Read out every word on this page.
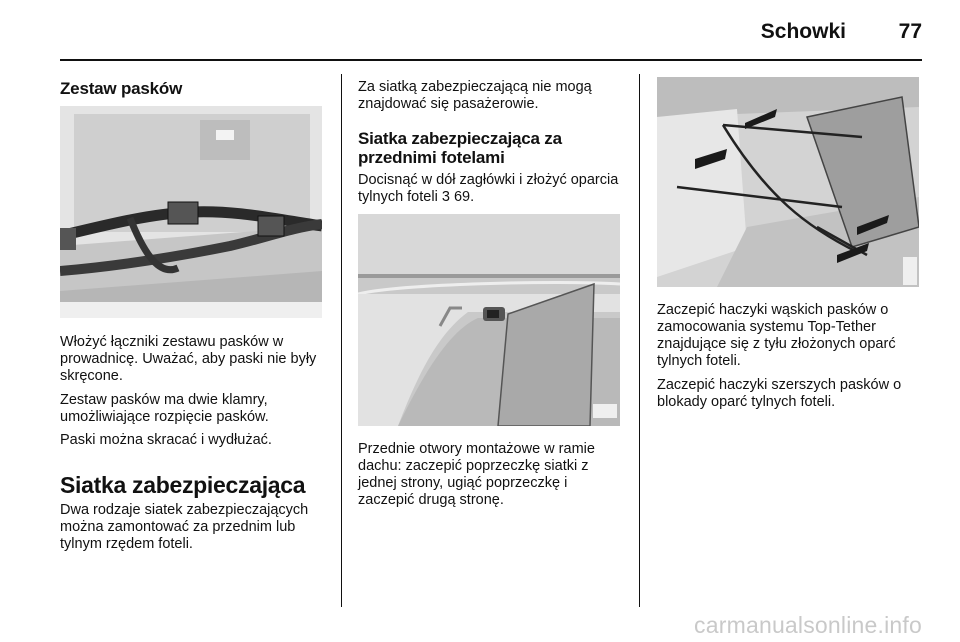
Schowki	77
Zestaw pasków

Włożyć łączniki zestawu pasków w prowadnicę. Uważać, aby paski nie były skręcone.

Zestaw pasków ma dwie klamry, umożliwiające rozpięcie pasków.

Paski można skracać i wydłużać.

Siatka zabezpieczająca

Dwa rodzaje siatek zabezpieczających można zamontować za przednim lub tylnym rzędem foteli.

Za siatką zabezpieczającą nie mogą znajdować się pasażerowie.

Siatka zabezpieczająca za przednimi fotelami

Docisnąć w dół zagłówki i złożyć oparcia tylnych foteli 3 69.

Przednie otwory montażowe w ramie dachu: zaczepić poprzeczkę siatki z jednej strony, ugiąć poprzeczkę i zaczepić drugą stronę.

Zaczepić haczyki wąskich pasków o zamocowania systemu Top-Tether znajdujące się z tyłu złożonych oparć tylnych foteli.

Zaczepić haczyki szerszych pasków o blokady oparć tylnych foteli.

carmanualsonline.info
